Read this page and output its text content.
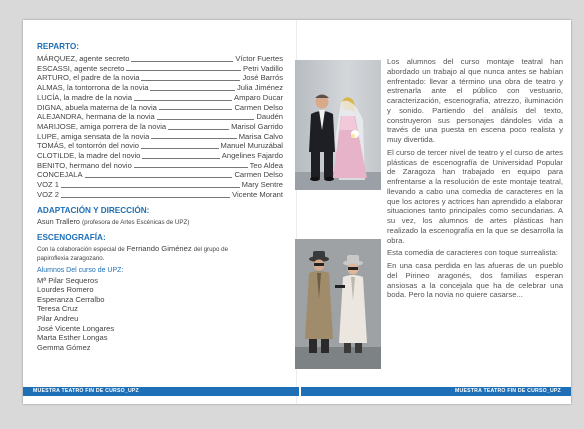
REPARTO:
MÁRQUEZ, agente secreto	Víctor Fuertes
ESCASSI, agente secreto	Petri Vadillo
ARTURO, el padre de la novia	José Barrós
ALMAS, la tontorrona de la novia	Julia Jiménez
LUCÍA, la madre de la novia	Amparo Ducar
DIGNA, abuela materna de la novia	Carmen Delso
ALEJANDRA, hermana de la novia	Daudén
MARIJOSE, amiga porrera de la novia	Marisol Garrido
LUPE, amiga sensata de la novia	Marisa Calvo
TOMÁS, el tontorrón del novio	Manuel Muruzábal
CLOTILDE, la madre del novio	Angelines Fajardo
BENITO, hermano del novio	Teo Aldea
CONCEJALA	Carmen Delso
VOZ 1	Mary Sentre
VOZ 2	Vicente Morant
ADAPTACIÓN Y DIRECCIÓN:
Asun Trallero (profesora de Artes Escénicas de UPZ)
ESCENOGRAFÍA:
Con la colaboración especial de Fernando Giménez del grupo de
papiroflexia zaragozano.
Alumnos Del curso de UPZ:
Mª Pilar Sequeros
Lourdes Romero
Esperanza Cerralbo
Teresa Cruz
Pilar Andreu
José Vicente Longares
Marta Esther Longas
Gemma Gómez

Los alumnos del curso montaje teatral han abordado un trabajo al que nunca antes se habían enfrentado: llevar a término una obra de teatro y estrenarla ante el público con vestuario, caracterización, escenografía, atrezzo, iluminación y sonido. Partiendo del análisis del texto, construyeron sus personajes dándoles vida a través de una puesta en escena poco realista y muy divertida.

El curso de tercer nivel de teatro y el curso de artes plásticas de escenografía de Universidad Popular de Zaragoza han trabajado en equipo para enfrentarse a la resolución de este montaje teatral, llevando a cabo una comedia de caracteres en la que los actores y actrices han aprendido a elaborar situaciones tanto principales como secundarias. A su vez, los alumnos de artes plásticas han realizado la escenografía en la que se desarrolla la obra.

Esta comedia de caracteres con toque surrealista:

En una casa perdida en las afueras de un pueblo del Pirineo aragonés, dos familias esperan ansiosas a la concejala que ha de celebrar una boda. Pero la novia no quiere casarse...

MUESTRA TEATRO FIN DE CURSO_UPZ	MUESTRA TEATRO FIN DE CURSO_UPZ
